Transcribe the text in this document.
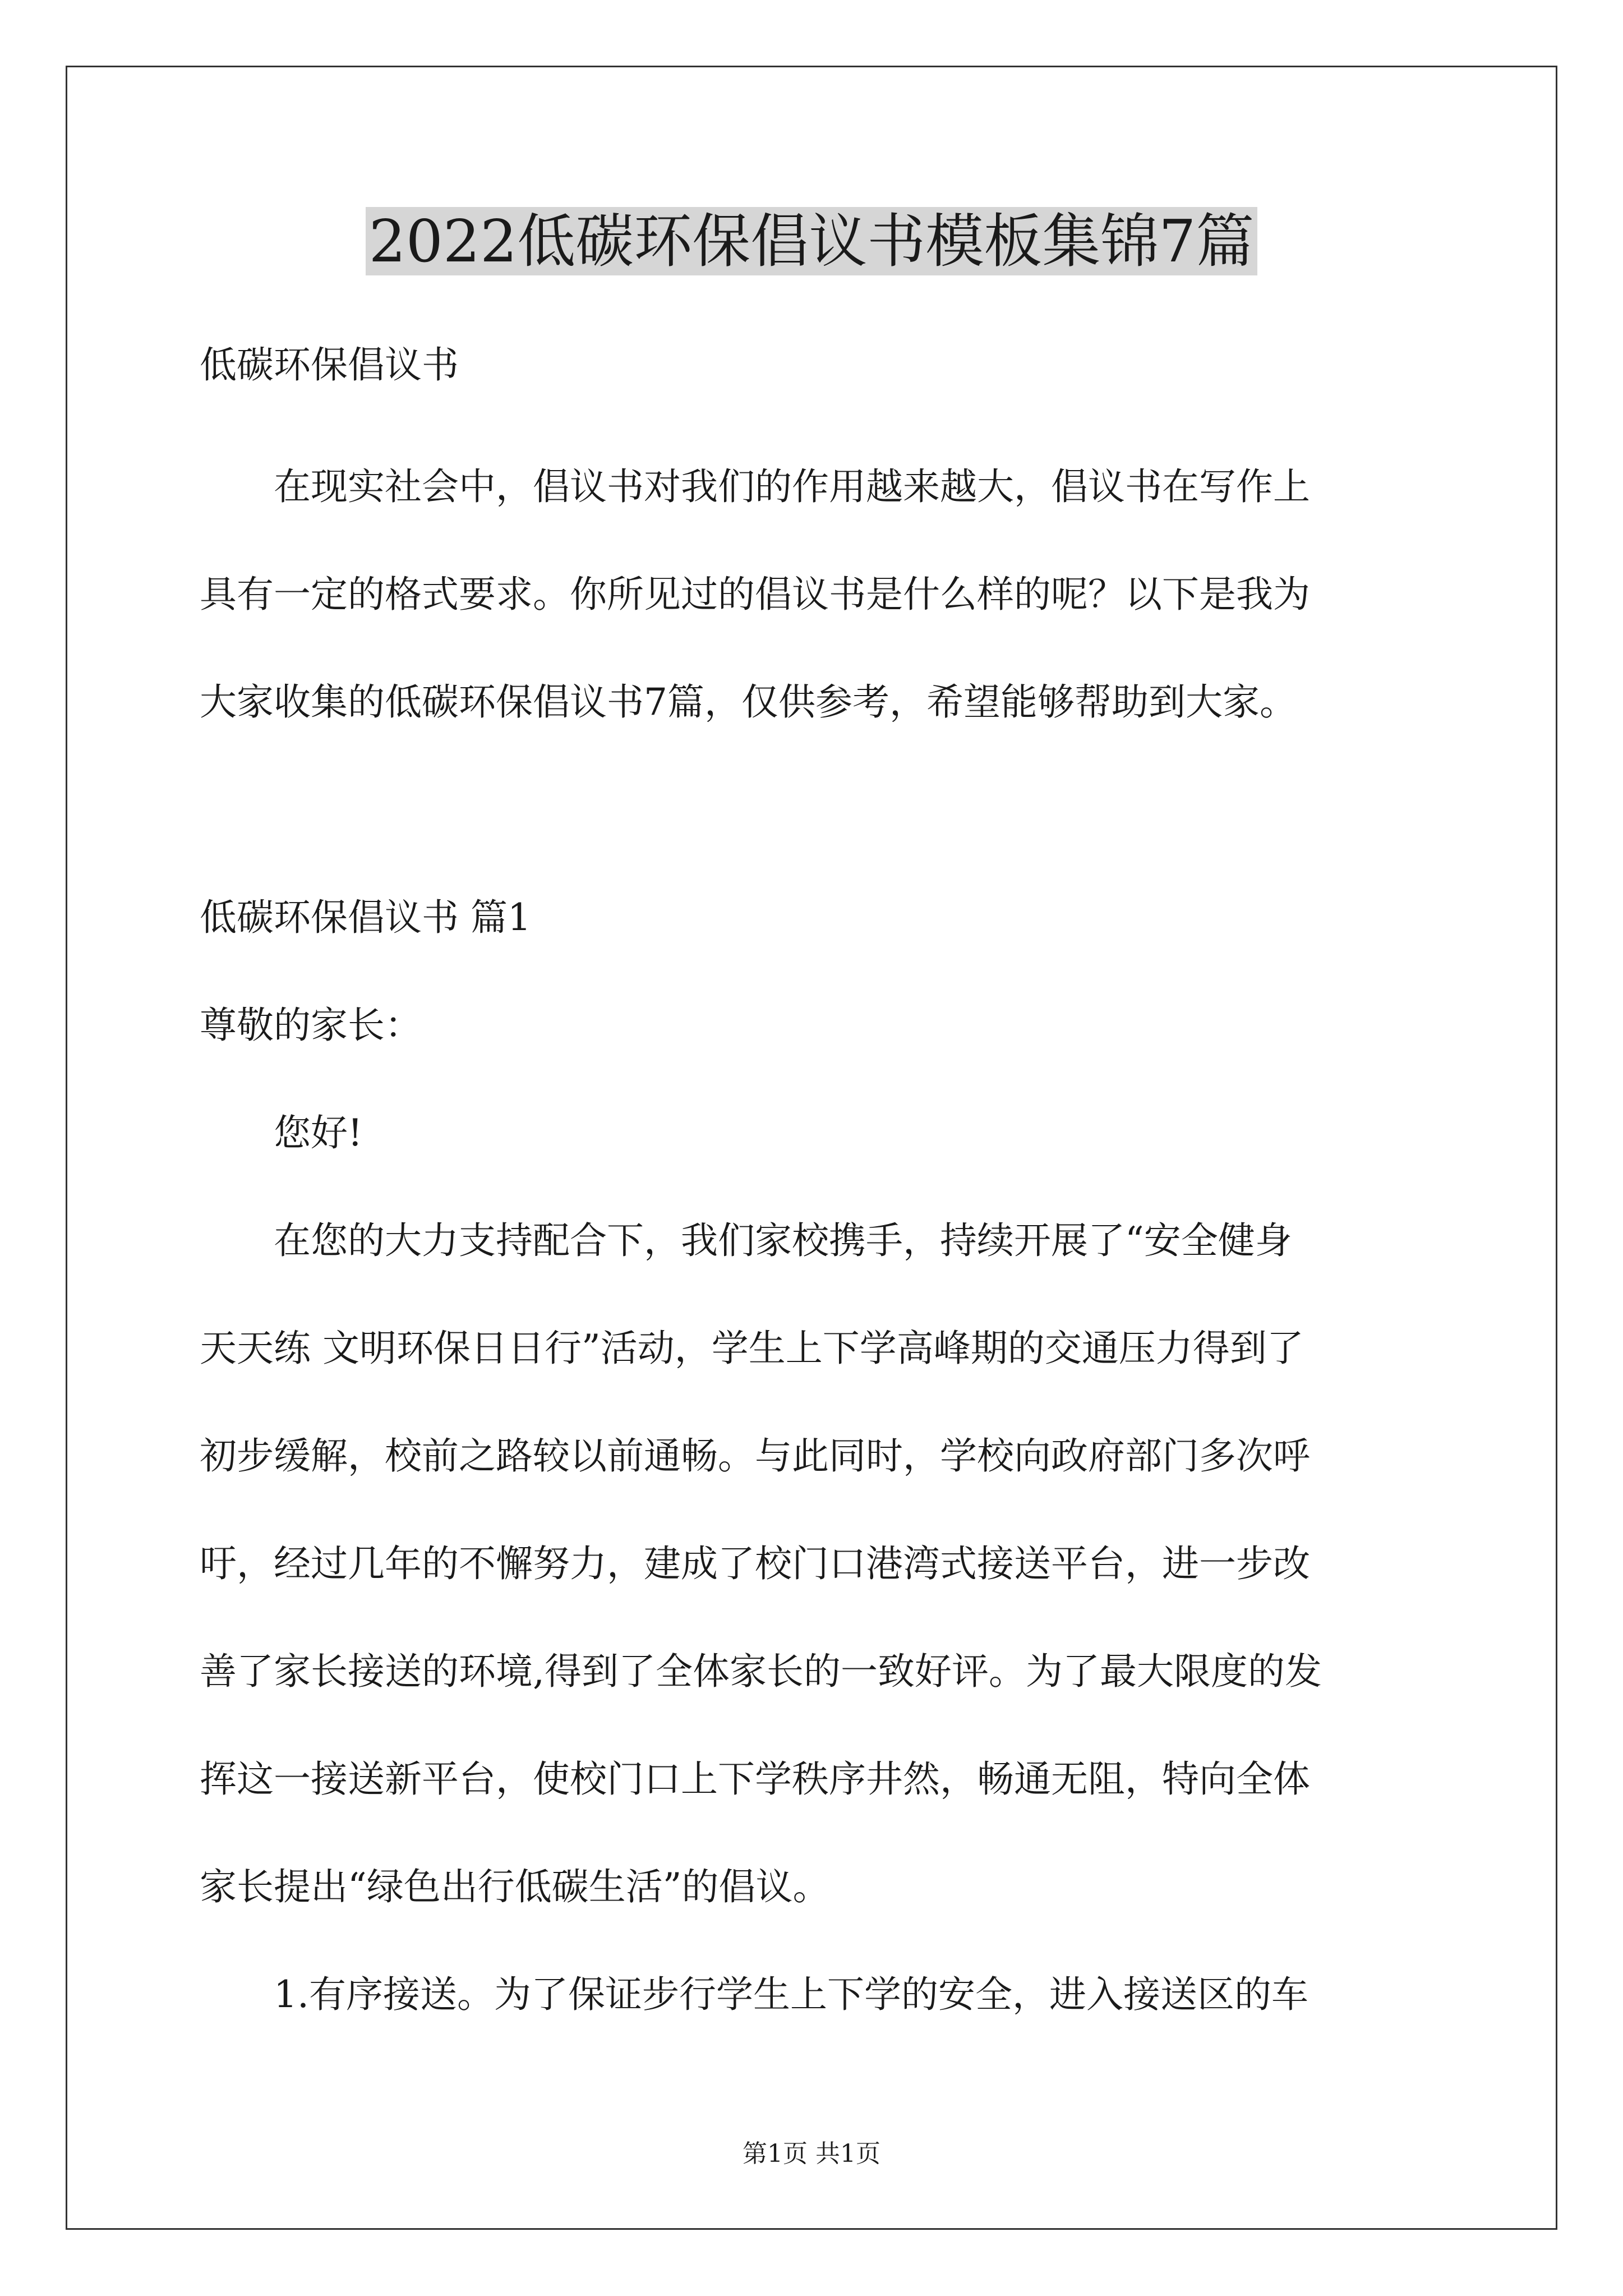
2022低碳环保倡议书模板集锦7篇

低碳环保倡议书

在现实社会中，倡议书对我们的作用越来越大，倡议书在写作上

具有一定的格式要求。你所见过的倡议书是什么样的呢？以下是我为

大家收集的低碳环保倡议书7篇，仅供参考，希望能够帮助到大家。

低碳环保倡议书 篇1

尊敬的家长：

您好!

在您的大力支持配合下，我们家校携手，持续开展了“安全健身

天天练 文明环保日日行”活动，学生上下学高峰期的交通压力得到了

初步缓解，校前之路较以前通畅。与此同时，学校向政府部门多次呼

吁，经过几年的不懈努力，建成了校门口港湾式接送平台，进一步改

善了家长接送的环境,得到了全体家长的一致好评。为了最大限度的发

挥这一接送新平台，使校门口上下学秩序井然，畅通无阻，特向全体

家长提出“绿色出行低碳生活”的倡议。

1.有序接送。为了保证步行学生上下学的安全，进入接送区的车

第1页 共1页
